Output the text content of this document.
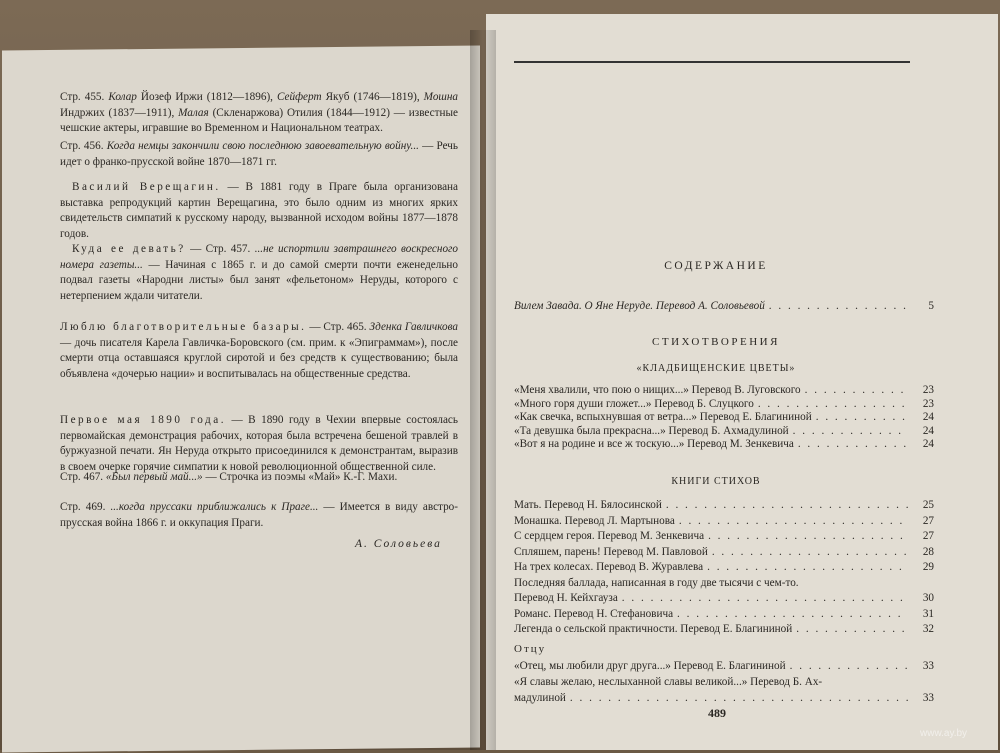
Стр. 455. Колар Йозеф Иржи (1812—1896), Сейферт Якуб (1746—1819), Мошна Индржих (1837—1911), Малая (Скленаржова) Отилия (1844—1912) — известные чешские актеры, игравшие во Временном и Национальном театрах.
Стр. 456. Когда немцы закончили свою последнюю завоевательную войну... — Речь идет о франко-прусской войне 1870—1871 гг.
Василий Верещагин. — В 1881 году в Праге была организована выставка репродукций картин Верещагина, это было одним из многих ярких свидетельств симпатий к русскому народу, вызванной исходом войны 1877—1878 годов.
Куда ее девать? — Стр. 457. ...не испортили завтрашнего воскресного номера газеты... — Начиная с 1865 г. и до самой смерти почти еженедельно подвал газеты «Народни листы» был занят «фельетоном» Неруды, которого с нетерпением ждали читатели.
Люблю благотворительные базары. — Стр. 465. Зденка Гавличкова — дочь писателя Карела Гавличка-Боровского (см. прим. к «Эпиграммам»), после смерти отца оставшаяся круглой сиротой и без средств к существованию; была объявлена «дочерью нации» и воспитывалась на общественные средства.
Первое мая 1890 года. — В 1890 году в Чехии впервые состоялась первомайская демонстрация рабочих, которая была встречена бешеной травлей в буржуазной печати. Ян Неруда открыто присоединился к демонстрантам, выразив в своем очерке горячие симпатии к новой революционной общественной силе.
Стр. 467. «Был первый май...» — Строчка из поэмы «Май» К.-Г. Махи.
Стр. 469. ...когда пруссаки приближались к Праге... — Имеется в виду австро-прусская война 1866 г. и оккупация Праги.
А. Соловьева
СОДЕРЖАНИЕ
Вилем Завада. О Яне Неруде. Перевод А. Соловьевой . . .	5
СТИХОТВОРЕНИЯ
«КЛАДБИЩЕНСКИЕ ЦВЕТЫ»
«Меня хвалили, что пою о нищих...» Перевод В. Луговского . . .	23
«Много горя души гложет...» Перевод Б. Слуцкого . . .	23
«Как свечка, вспыхнувшая от ветра...» Перевод Е. Благининой . . .	24
«Та девушка была прекрасна...» Перевод Б. Ахмадулиной . . .	24
«Вот я на родине и все ж тоскую...» Перевод М. Зенкевича . . .	24
КНИГИ СТИХОВ
Мать. Перевод Н. Бялосинской . . .	25
Монашка. Перевод Л. Мартынова . . .	27
С сердцем героя. Перевод М. Зенкевича . . .	27
Спляшем, парень! Перевод М. Павловой . . .	28
На трех колесах. Перевод В. Журавлева . . .	29
Последняя баллада, написанная в году две тысячи с чем-то.
Перевод Н. Кейхгауза . . .	30
Романс. Перевод Н. Стефановича . . .	31
Легенда о сельской практичности. Перевод Е. Благининой . . .	32
Отцу
«Отец, мы любили друг друга...» Перевод Е. Благининой . . .	33
«Я славы желаю, неслыханной славы великой...» Перевод Б. Ах-
мадулиной . . .	33
489
www.ay.by
